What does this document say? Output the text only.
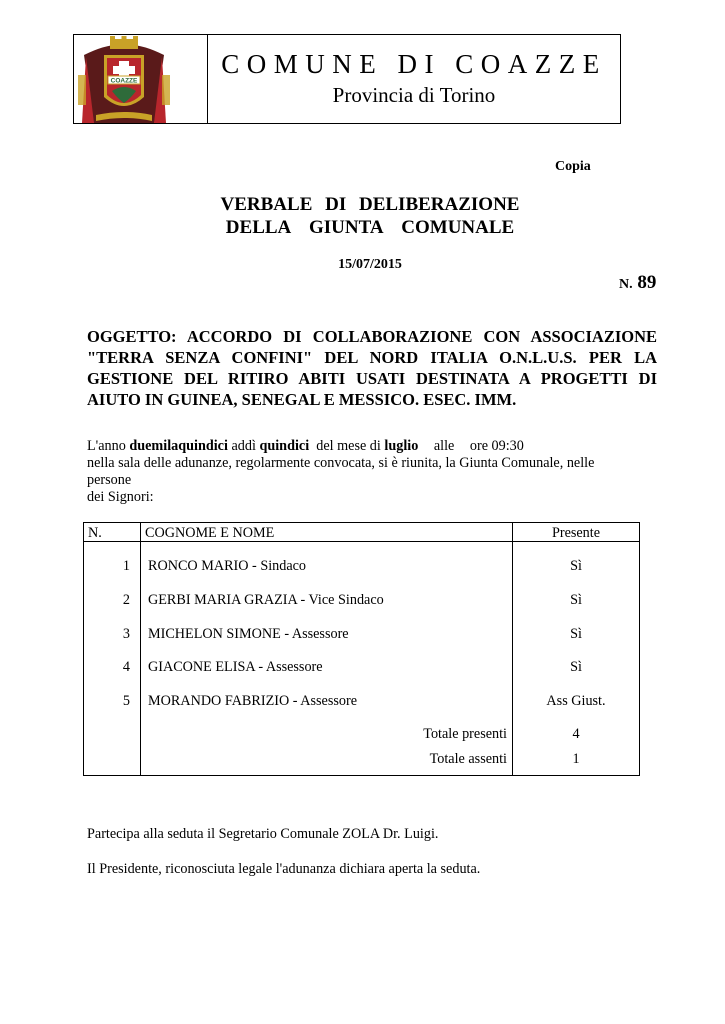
COAZZE
COMUNE DI COAZZE
Provincia di Torino
Copia
VERBALE DI DELIBERAZIONE
DELLA GIUNTA COMUNALE
15/07/2015
N. 89
OGGETTO: ACCORDO DI COLLABORAZIONE CON ASSOCIAZIONE "TERRA SENZA CONFINI" DEL NORD ITALIA O.N.L.U.S. PER LA GESTIONE DEL RITIRO ABITI USATI DESTINATA A PROGETTI DI AIUTO IN GUINEA, SENEGAL E MESSICO. ESEC. IMM.
L'anno duemilaquindici addì quindici del mese di luglio alle ore 09:30
nella sala delle adunanze, regolarmente convocata, si è riunita, la Giunta Comunale, nelle
persone
dei Signori:
N.	COGNOME E NOME	Presente
1 RONCO MARIO - Sindaco	Sì
2 GERBI MARIA GRAZIA - Vice Sindaco	Sì
3 MICHELON SIMONE - Assessore	Sì
4 GIACONE ELISA - Assessore	Sì
5 MORANDO FABRIZIO - Assessore	Ass Giust.
Totale presenti	4
Totale assenti	1
Partecipa alla seduta il Segretario Comunale ZOLA Dr. Luigi.
Il Presidente, riconosciuta legale l'adunanza dichiara aperta la seduta.
